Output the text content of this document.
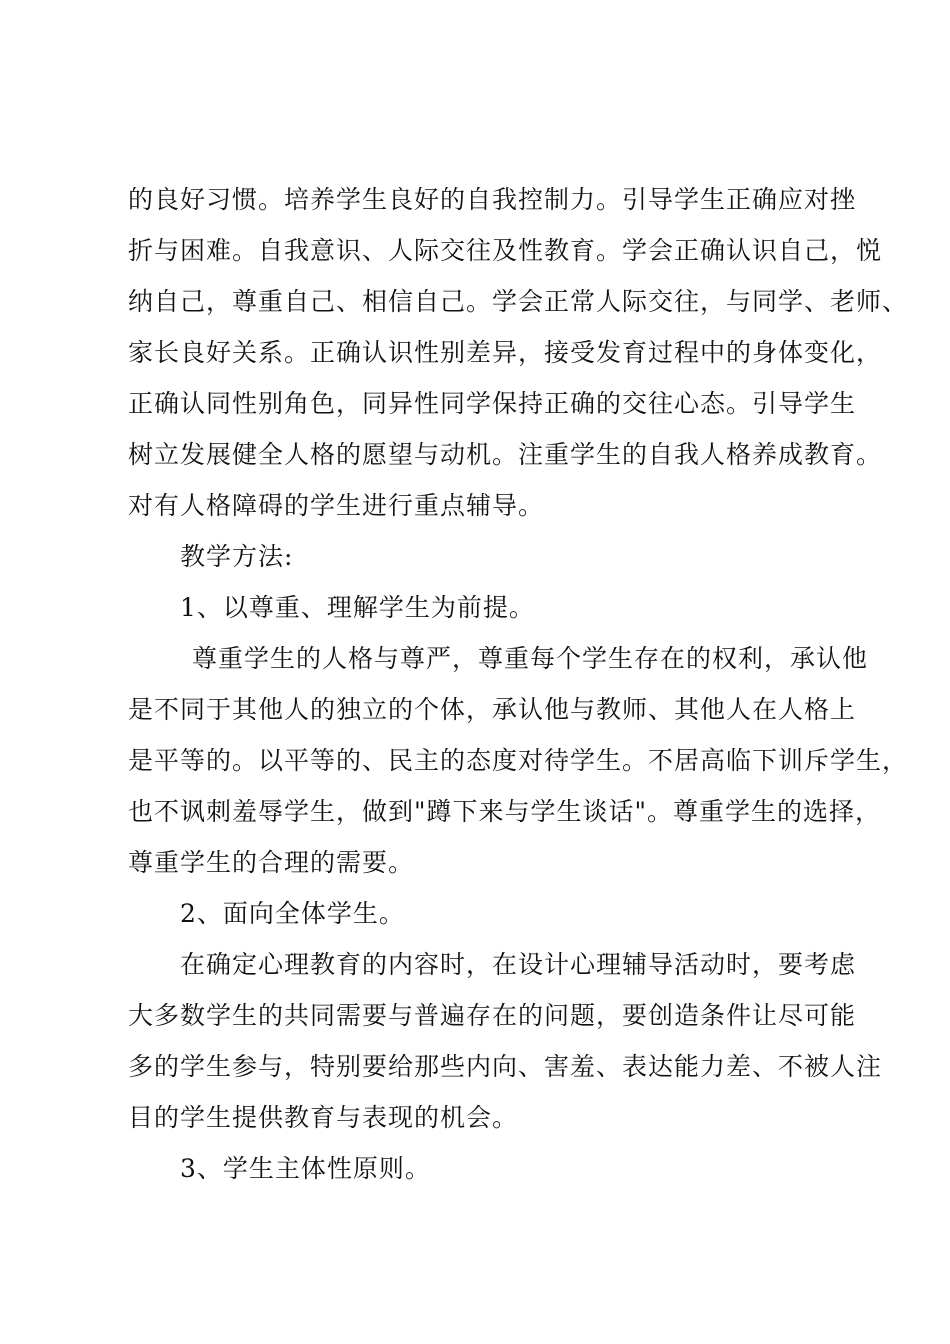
的良好习惯。培养学生良好的自我控制力。引导学生正确应对挫
折与困难。自我意识、人际交往及性教育。学会正确认识自己，悦
纳自己，尊重自己、相信自己。学会正常人际交往，与同学、老师、
家长良好关系。正确认识性别差异，接受发育过程中的身体变化，
正确认同性别角色，同异性同学保持正确的交往心态。引导学生
树立发展健全人格的愿望与动机。注重学生的自我人格养成教育。
对有人格障碍的学生进行重点辅导。
教学方法:
1、以尊重、理解学生为前提。
尊重学生的人格与尊严，尊重每个学生存在的权利，承认他
是不同于其他人的独立的个体，承认他与教师、其他人在人格上
是平等的。以平等的、民主的态度对待学生。不居高临下训斥学生，
也不讽刺羞辱学生，做到"蹲下来与学生谈话"。尊重学生的选择，
尊重学生的合理的需要。
2、面向全体学生。
在确定心理教育的内容时，在设计心理辅导活动时，要考虑
大多数学生的共同需要与普遍存在的问题，要创造条件让尽可能
多的学生参与，特别要给那些内向、害羞、表达能力差、不被人注
目的学生提供教育与表现的机会。
3、学生主体性原则。
